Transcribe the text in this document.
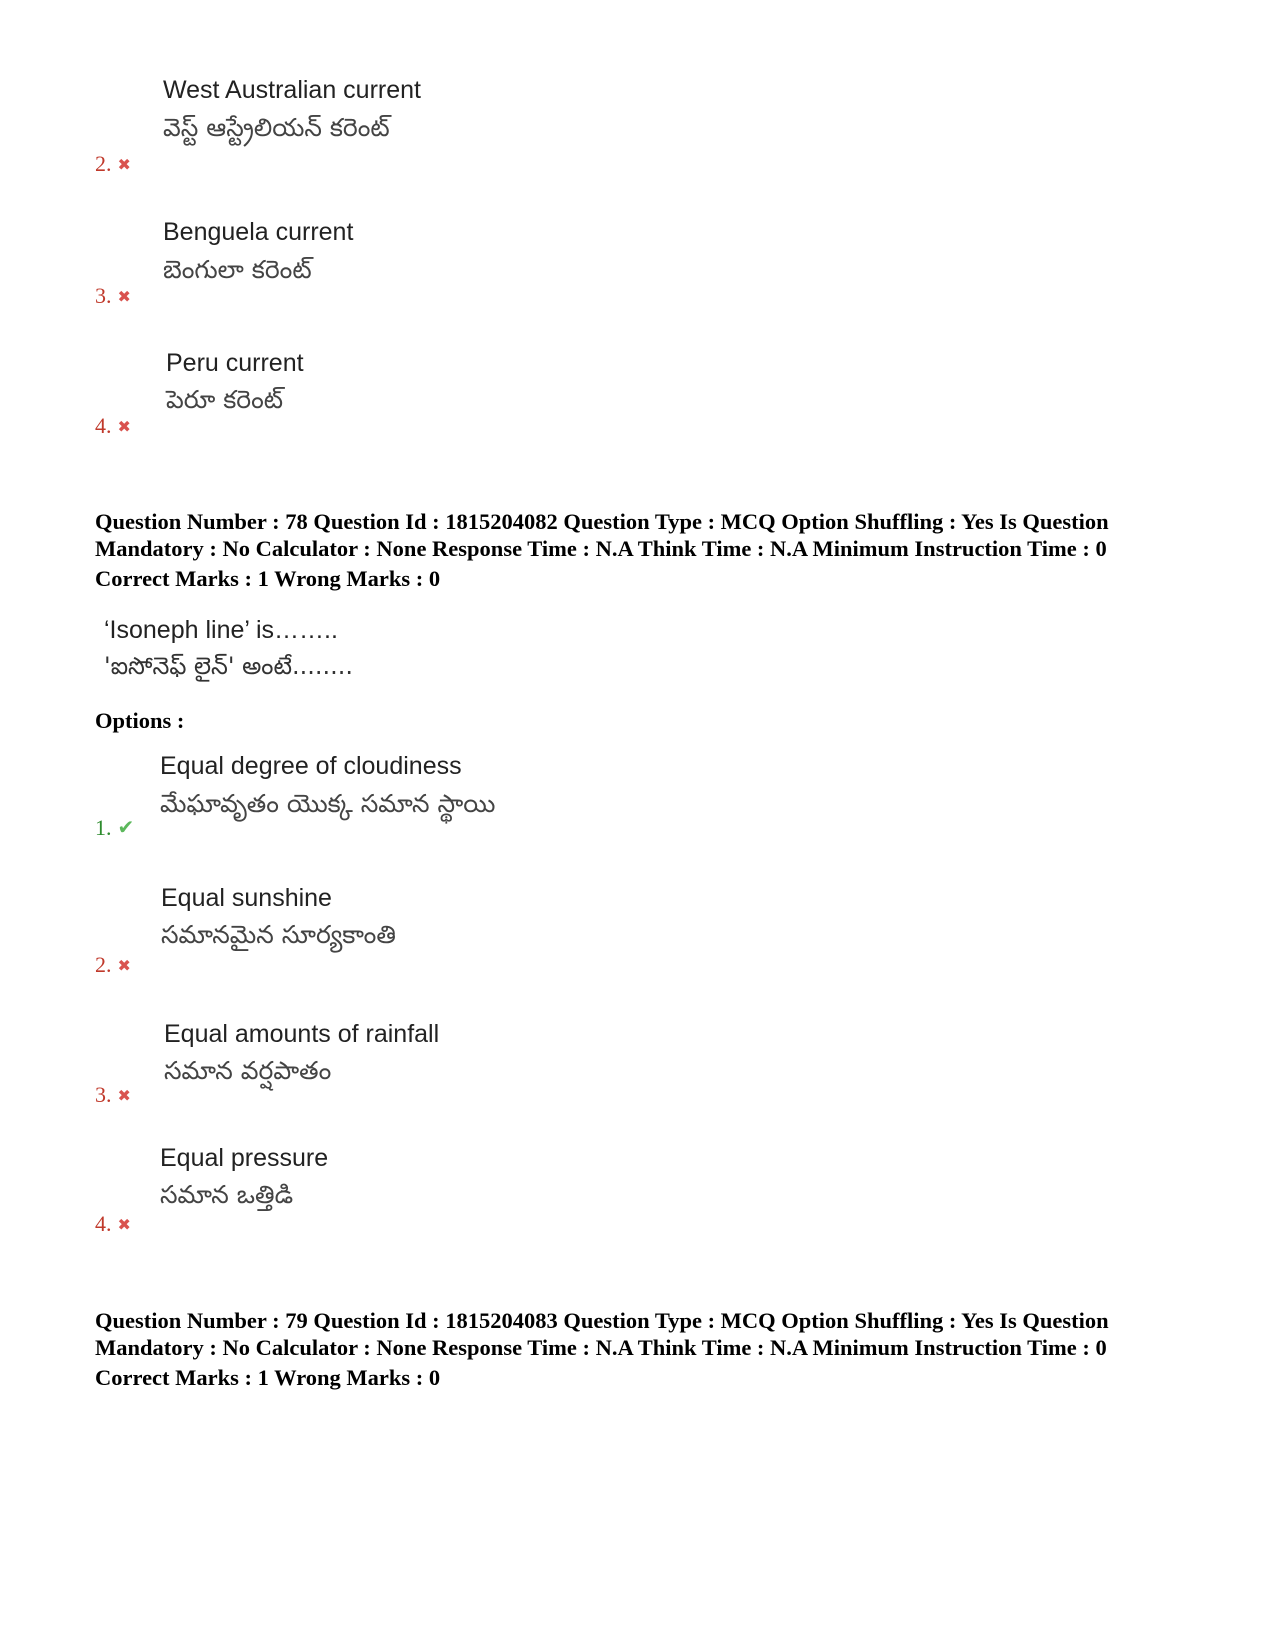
West Australian current
వెస్ట్ ఆస్ట్రేలియన్ కరెంట్
2. ✖
Benguela current
బెంగులా కరెంట్
3. ✖
Peru current
పెరూ కరెంట్
4. ✖
Question Number : 78 Question Id : 1815204082 Question Type : MCQ Option Shuffling : Yes Is Question
Mandatory : No Calculator : None Response Time : N.A Think Time : N.A Minimum Instruction Time : 0
Correct Marks : 1 Wrong Marks : 0
‘Isoneph line’ is……..
'ఐసోనెఫ్ లైన్' అంటే........
Options :
Equal degree of cloudiness
మేఘావృతం యొక్క సమాన స్థాయి
1. ✔
Equal sunshine
సమానమైన సూర్యకాంతి
2. ✖
Equal amounts of rainfall
సమాన వర్షపాతం
3. ✖
Equal pressure
సమాన ఒత్తిడి
4. ✖
Question Number : 79 Question Id : 1815204083 Question Type : MCQ Option Shuffling : Yes Is Question
Mandatory : No Calculator : None Response Time : N.A Think Time : N.A Minimum Instruction Time : 0
Correct Marks : 1 Wrong Marks : 0
